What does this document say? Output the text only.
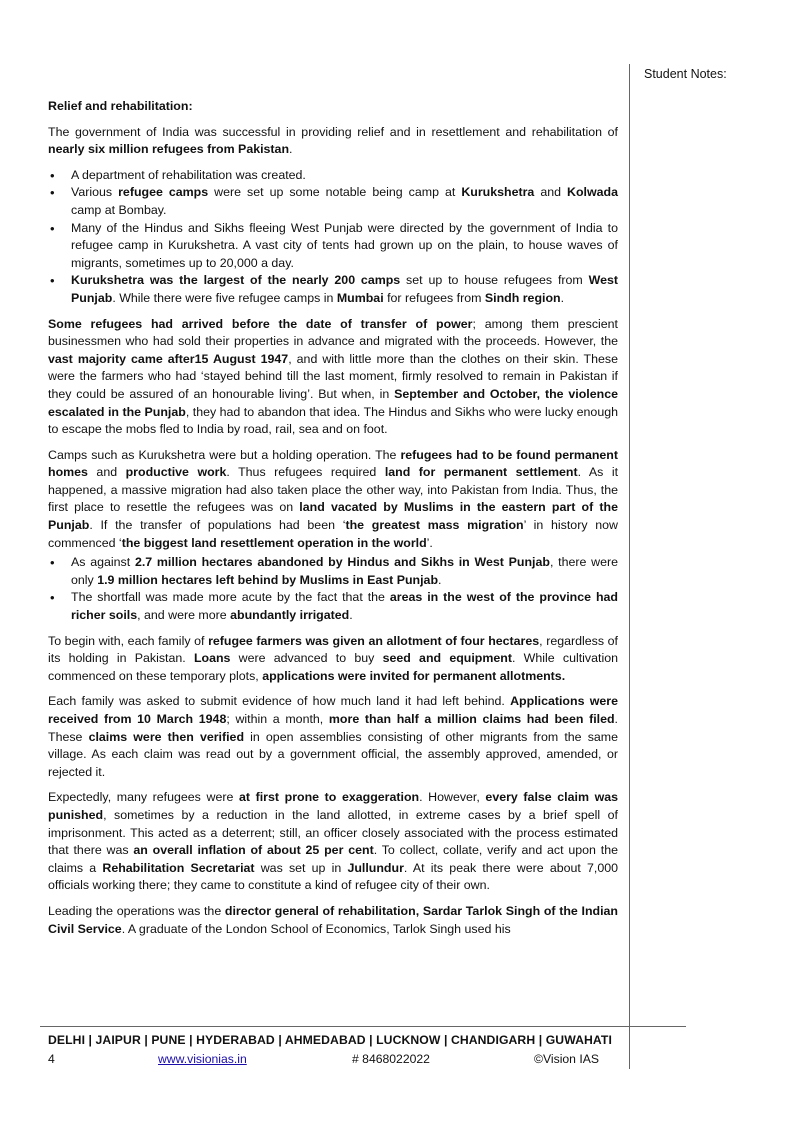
Student Notes:
Relief and rehabilitation:

The government of India was successful in providing relief and in resettlement and rehabilitation of nearly six million refugees from Pakistan.

• A department of rehabilitation was created.
• Various refugee camps were set up some notable being camp at Kurukshetra and Kolwada camp at Bombay.
• Many of the Hindus and Sikhs fleeing West Punjab were directed by the government of India to refugee camp in Kurukshetra. A vast city of tents had grown up on the plain, to house waves of migrants, sometimes up to 20,000 a day.
• Kurukshetra was the largest of the nearly 200 camps set up to house refugees from West Punjab. While there were five refugee camps in Mumbai for refugees from Sindh region.

Some refugees had arrived before the date of transfer of power; among them prescient businessmen who had sold their properties in advance and migrated with the proceeds. However, the vast majority came after15 August 1947, and with little more than the clothes on their skin. These were the farmers who had ‘stayed behind till the last moment, firmly resolved to remain in Pakistan if they could be assured of an honourable living’. But when, in September and October, the violence escalated in the Punjab, they had to abandon that idea. The Hindus and Sikhs who were lucky enough to escape the mobs fled to India by road, rail, sea and on foot.

Camps such as Kurukshetra were but a holding operation. The refugees had to be found permanent homes and productive work. Thus refugees required land for permanent settlement. As it happened, a massive migration had also taken place the other way, into Pakistan from India. Thus, the first place to resettle the refugees was on land vacated by Muslims in the eastern part of the Punjab. If the transfer of populations had been ‘the greatest mass migration’ in history now commenced ‘the biggest land resettlement operation in the world’.

• As against 2.7 million hectares abandoned by Hindus and Sikhs in West Punjab, there were only 1.9 million hectares left behind by Muslims in East Punjab.
• The shortfall was made more acute by the fact that the areas in the west of the province had richer soils, and were more abundantly irrigated.

To begin with, each family of refugee farmers was given an allotment of four hectares, regardless of its holding in Pakistan. Loans were advanced to buy seed and equipment. While cultivation commenced on these temporary plots, applications were invited for permanent allotments.

Each family was asked to submit evidence of how much land it had left behind. Applications were received from 10 March 1948; within a month, more than half a million claims had been filed. These claims were then verified in open assemblies consisting of other migrants from the same village. As each claim was read out by a government official, the assembly approved, amended, or rejected it.

Expectedly, many refugees were at first prone to exaggeration. However, every false claim was punished, sometimes by a reduction in the land allotted, in extreme cases by a brief spell of imprisonment. This acted as a deterrent; still, an officer closely associated with the process estimated that there was an overall inflation of about 25 per cent. To collect, collate, verify and act upon the claims a Rehabilitation Secretariat was set up in Jullundur. At its peak there were about 7,000 officials working there; they came to constitute a kind of refugee city of their own.

Leading the operations was the director general of rehabilitation, Sardar Tarlok Singh of the Indian Civil Service. A graduate of the London School of Economics, Tarlok Singh used his

DELHI | JAIPUR | PUNE | HYDERABAD | AHMEDABAD | LUCKNOW | CHANDIGARH | GUWAHATI
4	www.visionias.in	# 8468022022	©Vision IAS
